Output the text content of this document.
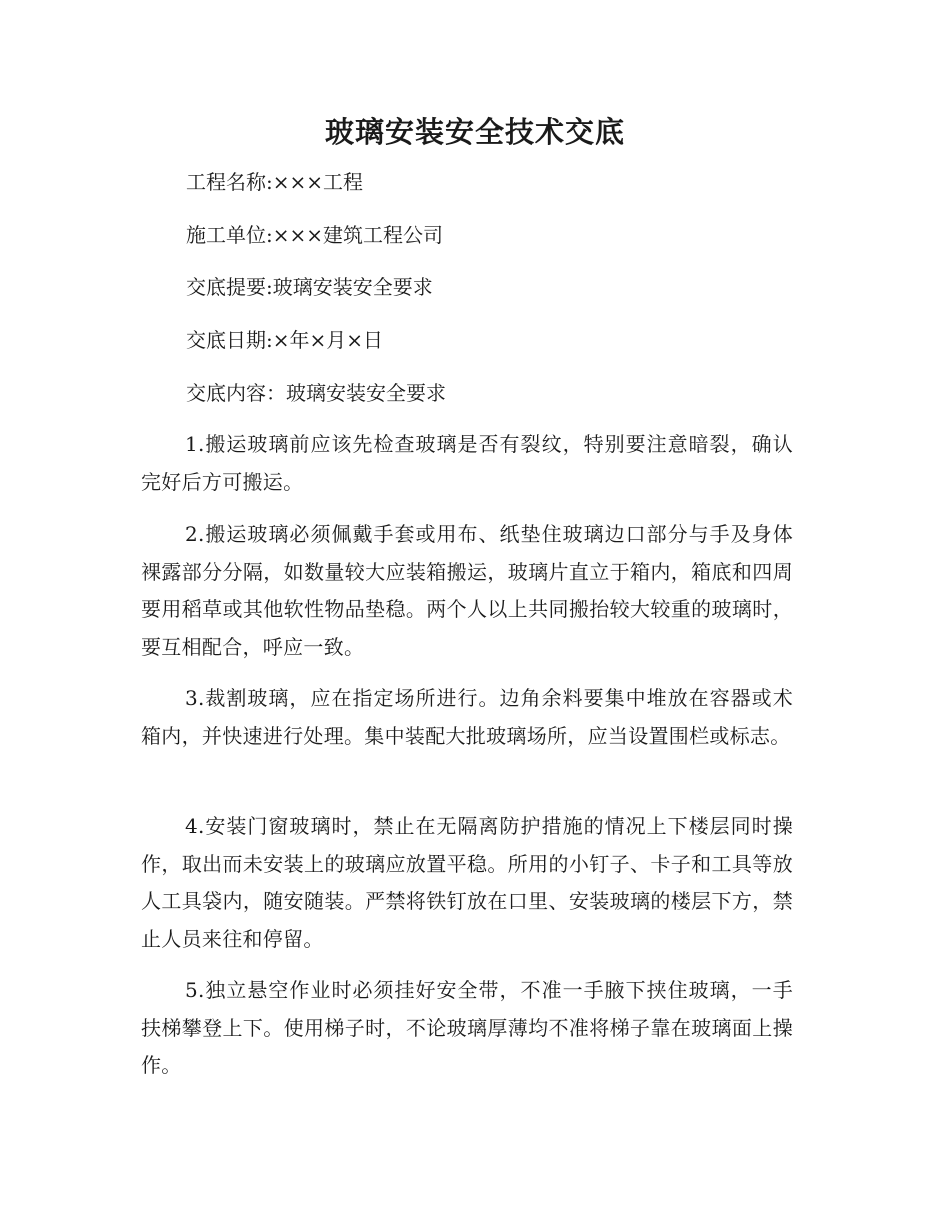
玻璃安装安全技术交底

工程名称:×××工程

施工单位:×××建筑工程公司

交底提要:玻璃安装安全要求

交底日期:×年×月×日

交底内容：玻璃安装安全要求

1.搬运玻璃前应该先检查玻璃是否有裂纹，特别要注意暗裂，确认完好后方可搬运。

2.搬运玻璃必须佩戴手套或用布、纸垫住玻璃边口部分与手及身体裸露部分分隔，如数量较大应装箱搬运，玻璃片直立于箱内，箱底和四周要用稻草或其他软性物品垫稳。两个人以上共同搬抬较大较重的玻璃时，要互相配合，呼应一致。

3.裁割玻璃，应在指定场所进行。边角余料要集中堆放在容器或术箱内，并快速进行处理。集中装配大批玻璃场所，应当设置围栏或标志。

4.安装门窗玻璃时，禁止在无隔离防护措施的情况上下楼层同时操作，取出而未安装上的玻璃应放置平稳。所用的小钉子、卡子和工具等放人工具袋内，随安随装。严禁将铁钉放在口里、安装玻璃的楼层下方，禁止人员来往和停留。

5.独立悬空作业时必须挂好安全带，不准一手腋下挟住玻璃，一手扶梯攀登上下。使用梯子时，不论玻璃厚薄均不准将梯子靠在玻璃面上操作。
